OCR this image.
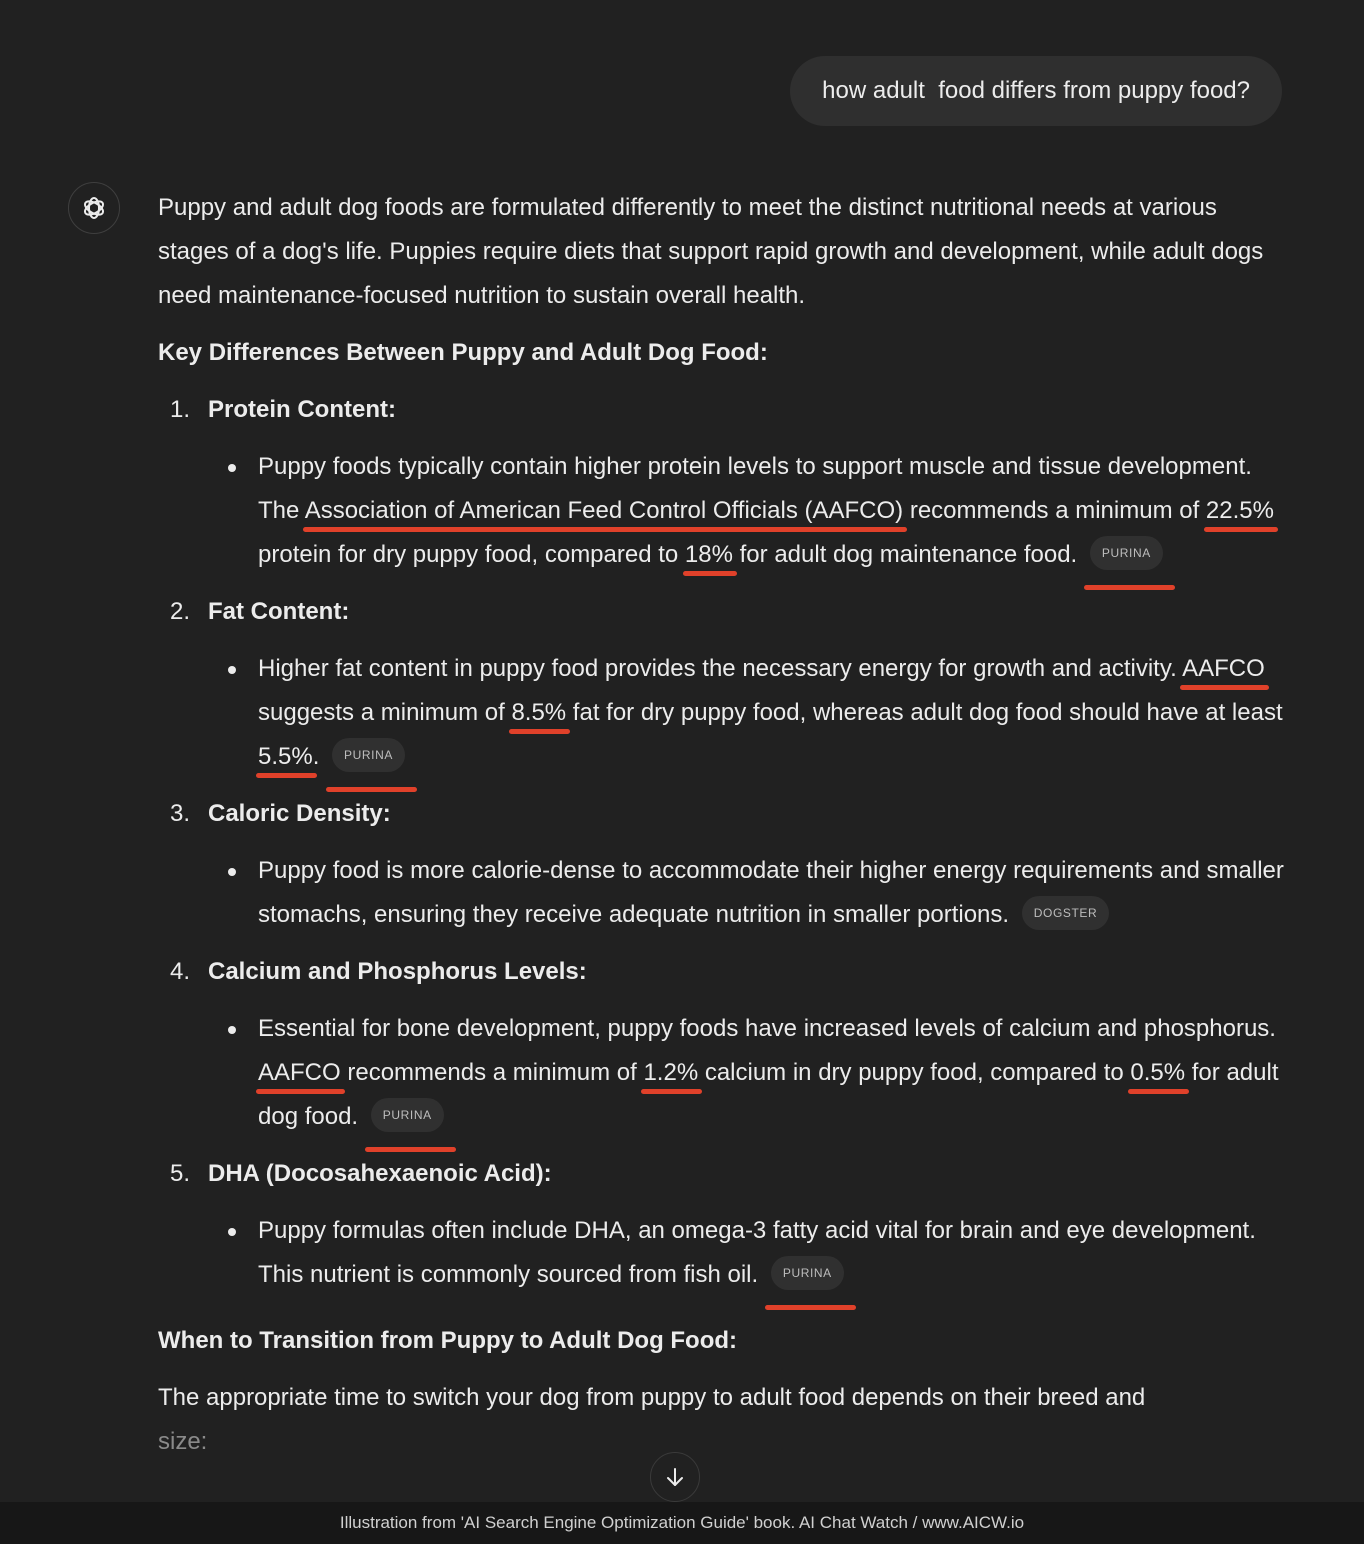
how adult  food differs from puppy food?

Puppy and adult dog foods are formulated differently to meet the distinct nutritional needs at various stages of a dog's life. Puppies require diets that support rapid growth and development, while adult dogs need maintenance-focused nutrition to sustain overall health.

Key Differences Between Puppy and Adult Dog Food:
1. Protein Content:
Puppy foods typically contain higher protein levels to support muscle and tissue development. The Association of American Feed Control Officials (AAFCO) recommends a minimum of 22.5% protein for dry puppy food, compared to 18% for adult dog maintenance food. PURINA
2. Fat Content:
Higher fat content in puppy food provides the necessary energy for growth and activity. AAFCO suggests a minimum of 8.5% fat for dry puppy food, whereas adult dog food should have at least 5.5%. PURINA
3. Caloric Density:
Puppy food is more calorie-dense to accommodate their higher energy requirements and smaller stomachs, ensuring they receive adequate nutrition in smaller portions. DOGSTER
4. Calcium and Phosphorus Levels:
Essential for bone development, puppy foods have increased levels of calcium and phosphorus. AAFCO recommends a minimum of 1.2% calcium in dry puppy food, compared to 0.5% for adult dog food. PURINA
5. DHA (Docosahexaenoic Acid):
Puppy formulas often include DHA, an omega-3 fatty acid vital for brain and eye development. This nutrient is commonly sourced from fish oil. PURINA
When to Transition from Puppy to Adult Dog Food:

The appropriate time to switch your dog from puppy to adult food depends on their breed and
size:

Illustration from 'AI Search Engine Optimization Guide' book. AI Chat Watch / www.AICW.io
